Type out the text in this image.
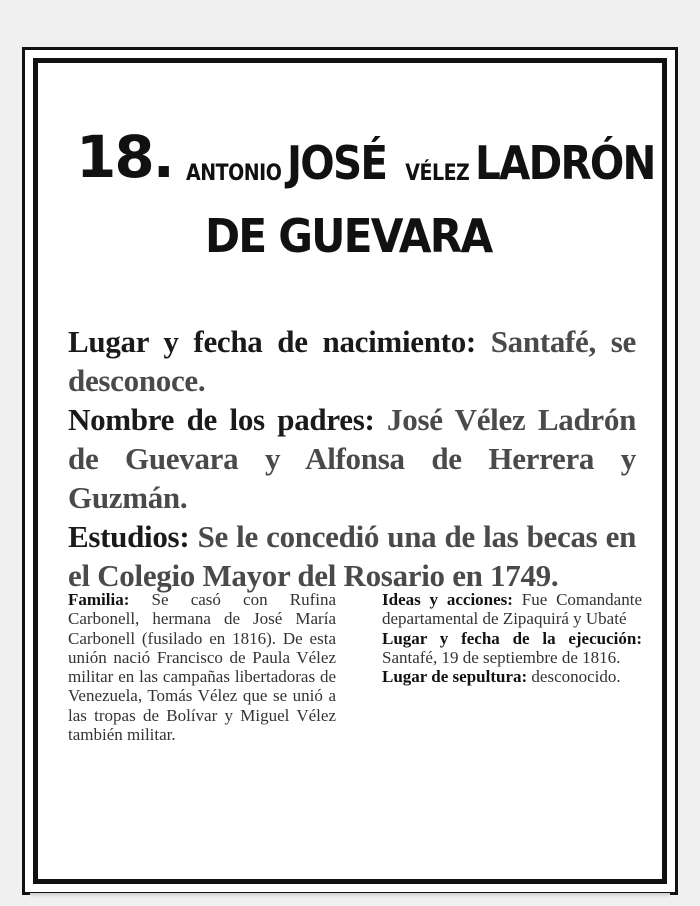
18. ANTONIO JOSÉ VÉLEZ LADRÓN
DE GUEVARA

Lugar y fecha de nacimiento: Santafé, se desconoce.

Nombre de los padres: José Vélez Ladrón de Guevara y Alfonsa de Herrera y Guzmán.

Estudios: Se le concedió una de las becas en el Colegio Mayor del Rosario en 1749.

Familia: Se casó con Rufina Carbonell, hermana de José María Carbonell (fusilado en 1816). De esta unión nació Francisco de Paula Vélez militar en las campañas libertadoras de Venezuela, Tomás Vélez que se unió a las tropas de Bolívar y Miguel Vélez también militar.

Ideas y acciones: Fue Comandante departamental de Zipaquirá y Ubaté

Lugar y fecha de la ejecución: Santafé, 19 de septiembre de 1816.

Lugar de sepultura: desconocido.
